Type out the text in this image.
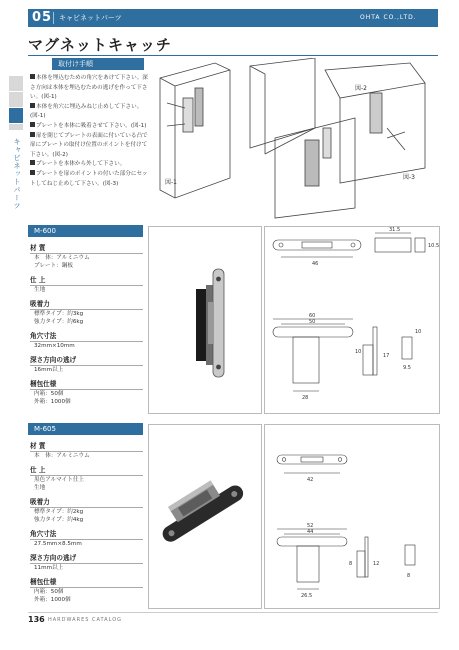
05 キャビネットパーツ	OHTA CO.,LTD.
マグネットキャッチ
キャビネットパーツ
取付け手順

本体を埋込むための角穴をあけて下さい。深さ方向は本体を埋込むための逃げを作って下さい。(図-1)

本体を角穴に埋込みねじ止めして下さい。(図-1)

プレートを本体に吸着させて下さい。(図-1)

扉を閉じてプレートの表面に付いている凸で扉にプレートの取付け位置のポイントを付けて下さい。(図-2)

プレートを本体から外して下さい。

プレートを扉のポイントの付いた部分にセットしてねじ止めして下さい。(図-3)

図-2
図-1
図-3
M-600
材 質
本　体：アルミニウム
プレート：鋼板
仕 上
生地
吸着力
標準タイプ：約3kg
強力タイプ：約6kg
角穴寸法
32mm×10mm
深さ方向の逃げ
16mm以上
梱包仕様
内箱：50個
外箱：1000個
31.5
10.5
46
60
50
10
17
28
9.5
10
M-605
材 質
本　体：アルミニウム
仕 上
黒色アルマイト仕上
生地
吸着力
標準タイプ：約2kg
強力タイプ：約4kg
角穴寸法
27.5mm×8.5mm
深さ方向の逃げ
11mm以上
梱包仕様
内箱：50個
外箱：1000個
42
52
44
8	12
26.5
8
136 HARDWARES CATALOG
